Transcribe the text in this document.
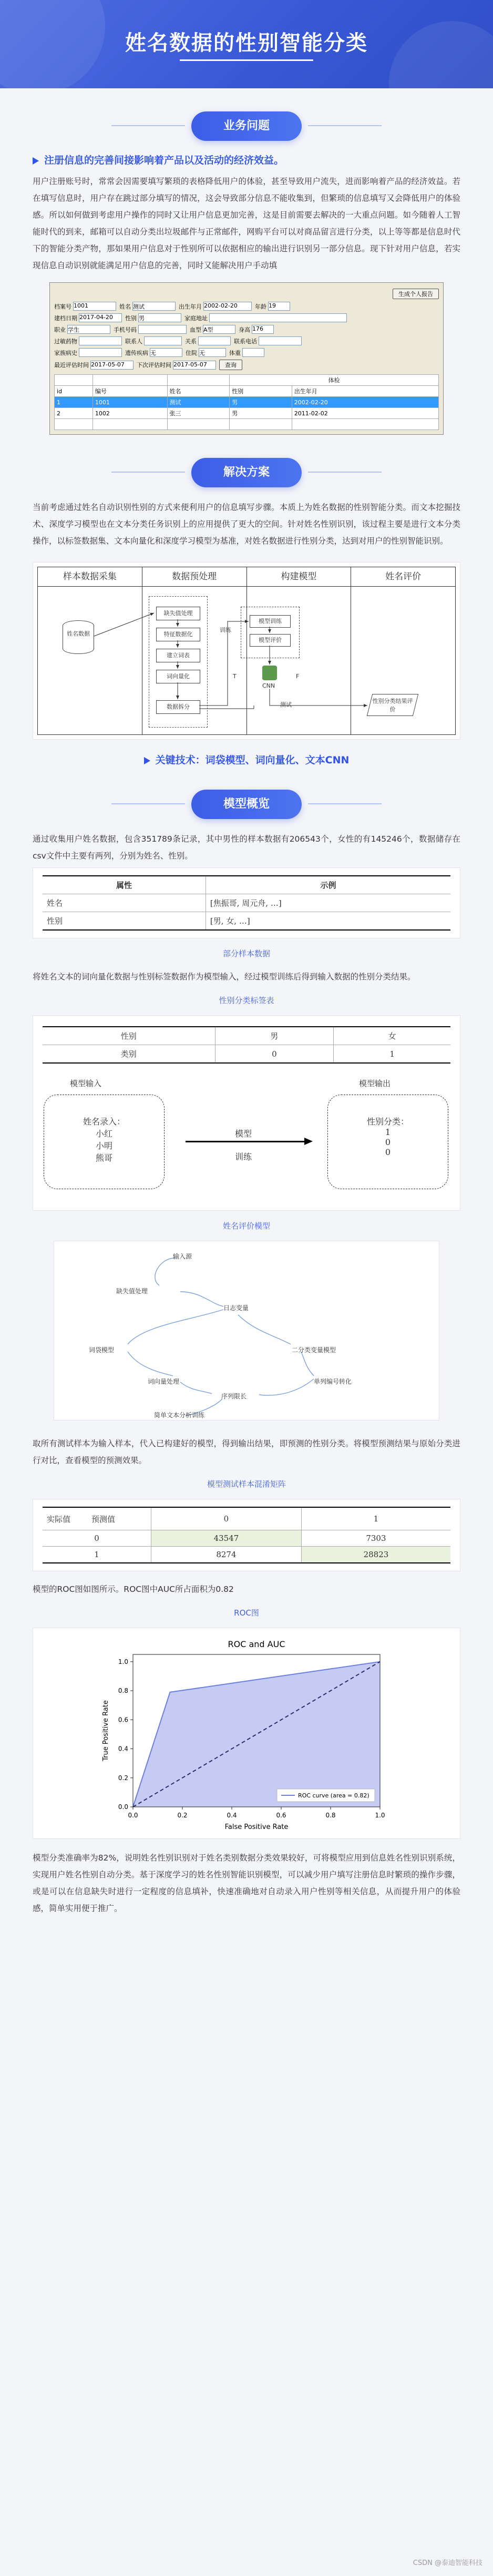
姓名数据的性别智能分类
业务问题
注册信息的完善间接影响着产品以及活动的经济效益。

用户注册账号时，常常会因需要填写繁琐的表格降低用户的体验，甚至导致用户流失，进而影响着产品的经济效益。若在填写信息时，用户存在跳过部分填写的情况，这会导致部分信息不能收集到，但繁琐的信息填写又会降低用户的体验感。所以如何做到考虑用户操作的同时又让用户信息更加完善，这是目前需要去解决的一大重点问题。如今随着人工智能时代的到来，邮箱可以自动分类出垃圾邮件与正常邮件，网购平台可以对商品留言进行分类，以上等等都是信息时代下的智能分类产物，那如果用户信息对于性别所可以依据相应的输出进行识别另一部分信息。现下针对用户信息，若实现信息自动识别就能满足用户信息的完善，同时又能解决用户手动填

生成个人报告
档案号 1001	姓名 测试	出生年月 2002-02-20	年龄 19
建档日期 2017-04-20	性别 男	家庭地址
职业 学生	手机号码	血型 A型	身高 176
过敏药物	联系人	关系	联系电话
家族病史	遗传疾病 无	住院 无	体重
最近评估时间 2017-05-07	下次评估时间 2017-05-07	查询
			体检	
id	编号	姓名	性别	出生年月
1	1001	测试	男	2002-02-20
2	1002	张三	男	2011-02-02

解决方案

当前考虑通过姓名自动识别性别的方式来便利用户的信息填写步骤。本质上为姓名数据的性别智能分类。而文本挖掘技术、深度学习模型也在文本分类任务识别上的应用提供了更大的空间。针对姓名性别识别，该过程主要是进行文本分类操作，以标签数据集、文本向量化和深度学习模型为基准，对姓名数据进行性别分类，达到对用户的性别智能识别。

样本数据采集	数据预处理	构建模型	姓名评价
姓名数据
缺失值处理
特征数据化
建立词表
词向量化
数据拆分
模型训练
模型评价
CNN
T	F
训练
测试
性别分类结果评价
关键技术：词袋模型、词向量化、文本CNN
模型概览

通过收集用户姓名数据，包含351789条记录，其中男性的样本数据有206543个，女性的有145246个，数据储存在csv文件中主要有两列，分别为姓名、性别。

属性	示例
姓名	[焦振哥, 周元舟, …]
性别	[男, 女, …]
部分样本数据

将姓名文本的词向量化数据与性别标签数据作为模型输入，经过模型训练后得到输入数据的性别分类结果。

性别分类标签表
性别	男	女
类别	0	1
模型输入	模型输出
姓名录入：
小红
小明
熊哥
性别分类：
1
0
0
模型
训练
姓名评价模型
输入源
缺失值处理
日志变量
词袋模型	二分类变量模型
单列编号转化
词向量处理
序列限长
简单文本分析训练

取所有测试样本为输入样本，代入已构建好的模型，得到输出结果，即预测的性别分类。将模型预测结果与原始分类进行对比，查看模型的预测效果。

模型测试样本混淆矩阵
实际值 预测值	0	1
0	43547	7303
1	8274	28823

模型的ROC图如图所示。ROC图中AUC所占面积为0.82

ROC图
ROC and AUC
0.0	0.2	0.4	0.6	0.8	1.0
0.0
0.2
0.4
0.6
0.8
1.0
False Positive Rate
True Positive Rate
ROC curve (area = 0.82)

模型分类准确率为82%，说明姓名性别识别对于姓名类别数据分类效果较好，可将模型应用到信息姓名性别识别系统，实现用户姓名性别自动分类。基于深度学习的姓名性别智能识别模型，可以减少用户填写注册信息时繁琐的操作步骤，或是可以在信息缺失时进行一定程度的信息填补，快速准确地对自动录入用户性别等相关信息，从而提升用户的体验感，简单实用便于推广。

CSDN @泰迪智能科技
